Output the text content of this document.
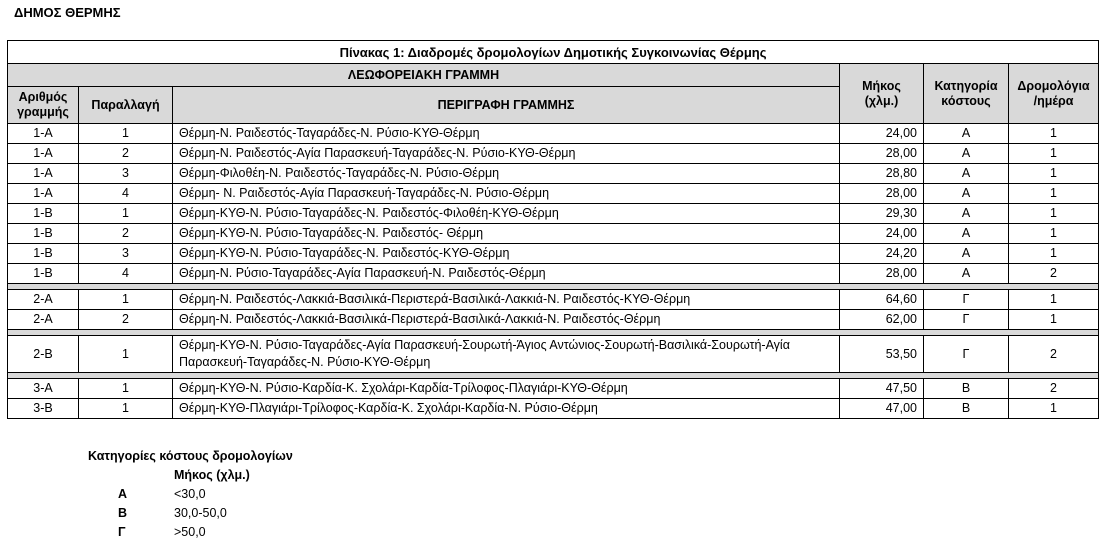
ΔΗΜΟΣ ΘΕΡΜΗΣ
Πίνακας 1: Διαδρομές δρομολογίων Δημοτικής Συγκοινωνίας Θέρμης					
ΛΕΩΦΟΡΕΙΑΚΗ ΓΡΑΜΜΗ			Μήκος (χλμ.)	Κατηγορία κόστους	Δρομολόγια /ημέρα
Αριθμός γραμμής	Παραλλαγή	ΠΕΡΙΓΡΑΦΗ ΓΡΑΜΜΗΣ			
1-Α	1	Θέρμη-Ν. Ραιδεστός-Ταγαράδες-Ν. Ρύσιο-ΚΥΘ-Θέρμη	24,00	Α	1
1-Α	2	Θέρμη-Ν. Ραιδεστός-Αγία Παρασκευή-Ταγαράδες-Ν. Ρύσιο-ΚΥΘ-Θέρμη	28,00	Α	1
1-Α	3	Θέρμη-Φιλοθέη-Ν. Ραιδεστός-Ταγαράδες-Ν. Ρύσιο-Θέρμη	28,80	Α	1
1-Α	4	Θέρμη- Ν. Ραιδεστός-Αγία Παρασκευή-Ταγαράδες-Ν. Ρύσιο-Θέρμη	28,00	Α	1
1-Β	1	Θέρμη-ΚΥΘ-Ν. Ρύσιο-Ταγαράδες-Ν. Ραιδεστός-Φιλοθέη-ΚΥΘ-Θέρμη	29,30	Α	1
1-Β	2	Θέρμη-ΚΥΘ-Ν. Ρύσιο-Ταγαράδες-Ν. Ραιδεστός- Θέρμη	24,00	Α	1
1-Β	3	Θέρμη-ΚΥΘ-Ν. Ρύσιο-Ταγαράδες-Ν. Ραιδεστός-ΚΥΘ-Θέρμη	24,20	Α	1
1-Β	4	Θέρμη-Ν. Ρύσιο-Ταγαράδες-Αγία Παρασκευή-Ν. Ραιδεστός-Θέρμη	28,00	Α	2

2-Α	1	Θέρμη-Ν. Ραιδεστός-Λακκιά-Βασιλικά-Περιστερά-Βασιλικά-Λακκιά-Ν. Ραιδεστός-ΚΥΘ-Θέρμη	64,60	Γ	1
2-Α	2	Θέρμη-Ν. Ραιδεστός-Λακκιά-Βασιλικά-Περιστερά-Βασιλικά-Λακκιά-Ν. Ραιδεστός-Θέρμη	62,00	Γ	1

2-Β	1	Θέρμη-ΚΥΘ-Ν. Ρύσιο-Ταγαράδες-Αγία Παρασκευή-Σουρωτή-Άγιος Αντώνιος-Σουρωτή-Βασιλικά-Σουρωτή-Αγία Παρασκευή-Ταγαράδες-Ν. Ρύσιο-ΚΥΘ-Θέρμη	53,50	Γ	2

3-Α	1	Θέρμη-ΚΥΘ-Ν. Ρύσιο-Καρδία-Κ. Σχολάρι-Καρδία-Τρίλοφος-Πλαγιάρι-ΚΥΘ-Θέρμη	47,50	Β	2
3-Β	1	Θέρμη-ΚΥΘ-Πλαγιάρι-Τρίλοφος-Καρδία-Κ. Σχολάρι-Καρδία-Ν. Ρύσιο-Θέρμη	47,00	Β	1
Κατηγορίες κόστους δρομολογίων
Μήκος (χλμ.)
Α	<30,0
Β	30,0-50,0
Γ	>50,0
